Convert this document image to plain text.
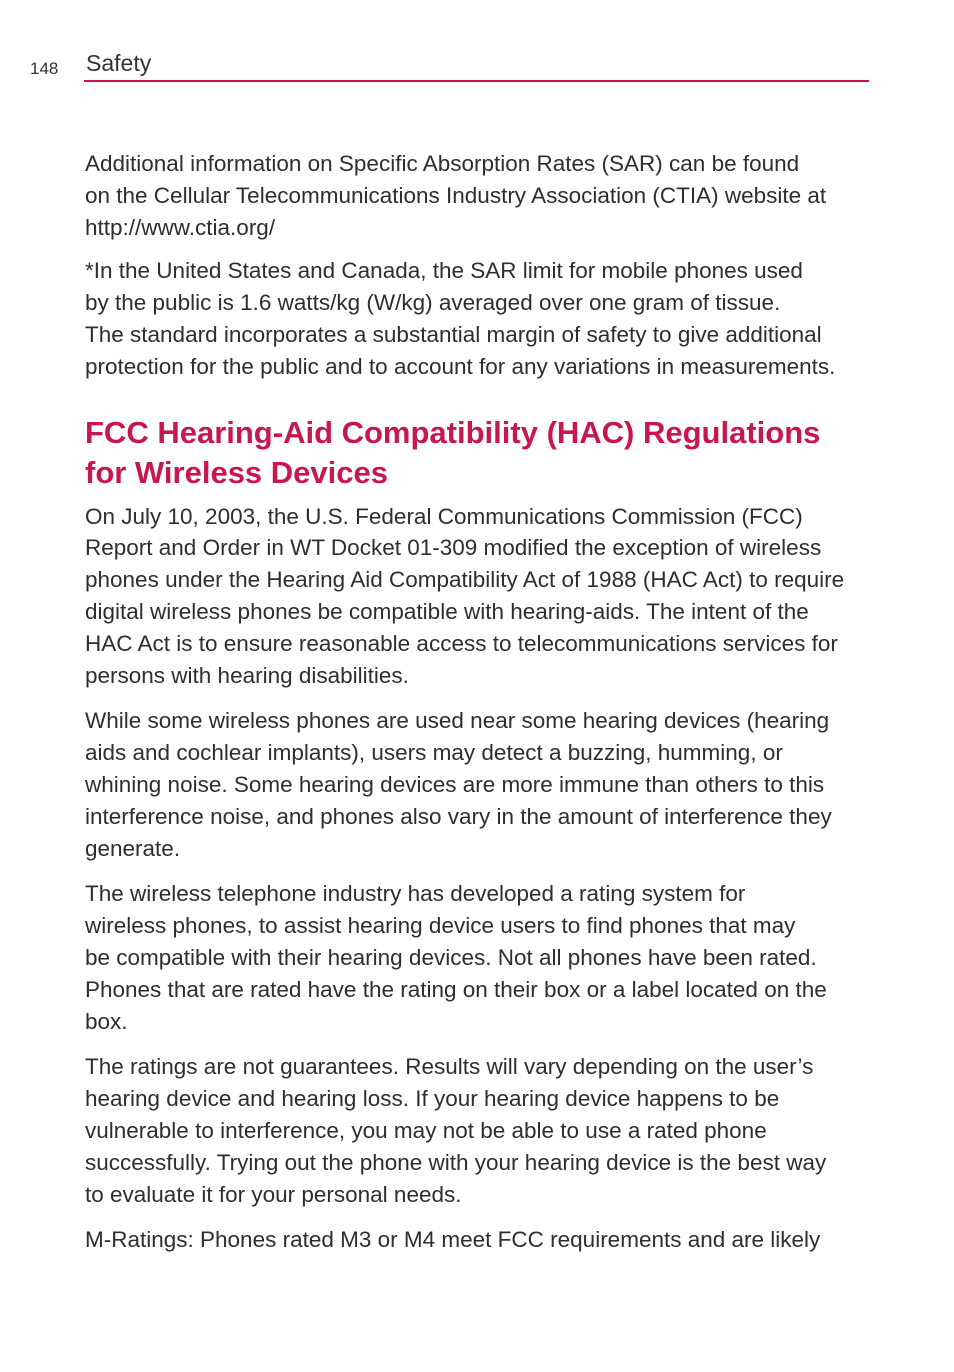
148 Safety

Additional information on Specific Absorption Rates (SAR) can be found
on the Cellular Telecommunications Industry Association (CTIA) website at
http://www.ctia.org/

*In the United States and Canada, the SAR limit for mobile phones used
by the public is 1.6 watts/kg (W/kg) averaged over one gram of tissue.
The standard incorporates a substantial margin of safety to give additional
protection for the public and to account for any variations in measurements.

FCC Hearing-Aid Compatibility (HAC) Regulations
for Wireless Devices

On July 10, 2003, the U.S. Federal Communications Commission (FCC)
Report and Order in WT Docket 01-309 modified the exception of wireless
phones under the Hearing Aid Compatibility Act of 1988 (HAC Act) to require
digital wireless phones be compatible with hearing-aids. The intent of the
HAC Act is to ensure reasonable access to telecommunications services for
persons with hearing disabilities.

While some wireless phones are used near some hearing devices (hearing
aids and cochlear implants), users may detect a buzzing, humming, or
whining noise. Some hearing devices are more immune than others to this
interference noise, and phones also vary in the amount of interference they
generate.

The wireless telephone industry has developed a rating system for
wireless phones, to assist hearing device users to find phones that may
be compatible with their hearing devices. Not all phones have been rated.
Phones that are rated have the rating on their box or a label located on the
box.

The ratings are not guarantees. Results will vary depending on the user’s
hearing device and hearing loss. If your hearing device happens to be
vulnerable to interference, you may not be able to use a rated phone
successfully. Trying out the phone with your hearing device is the best way
to evaluate it for your personal needs.

M-Ratings: Phones rated M3 or M4 meet FCC requirements and are likely
